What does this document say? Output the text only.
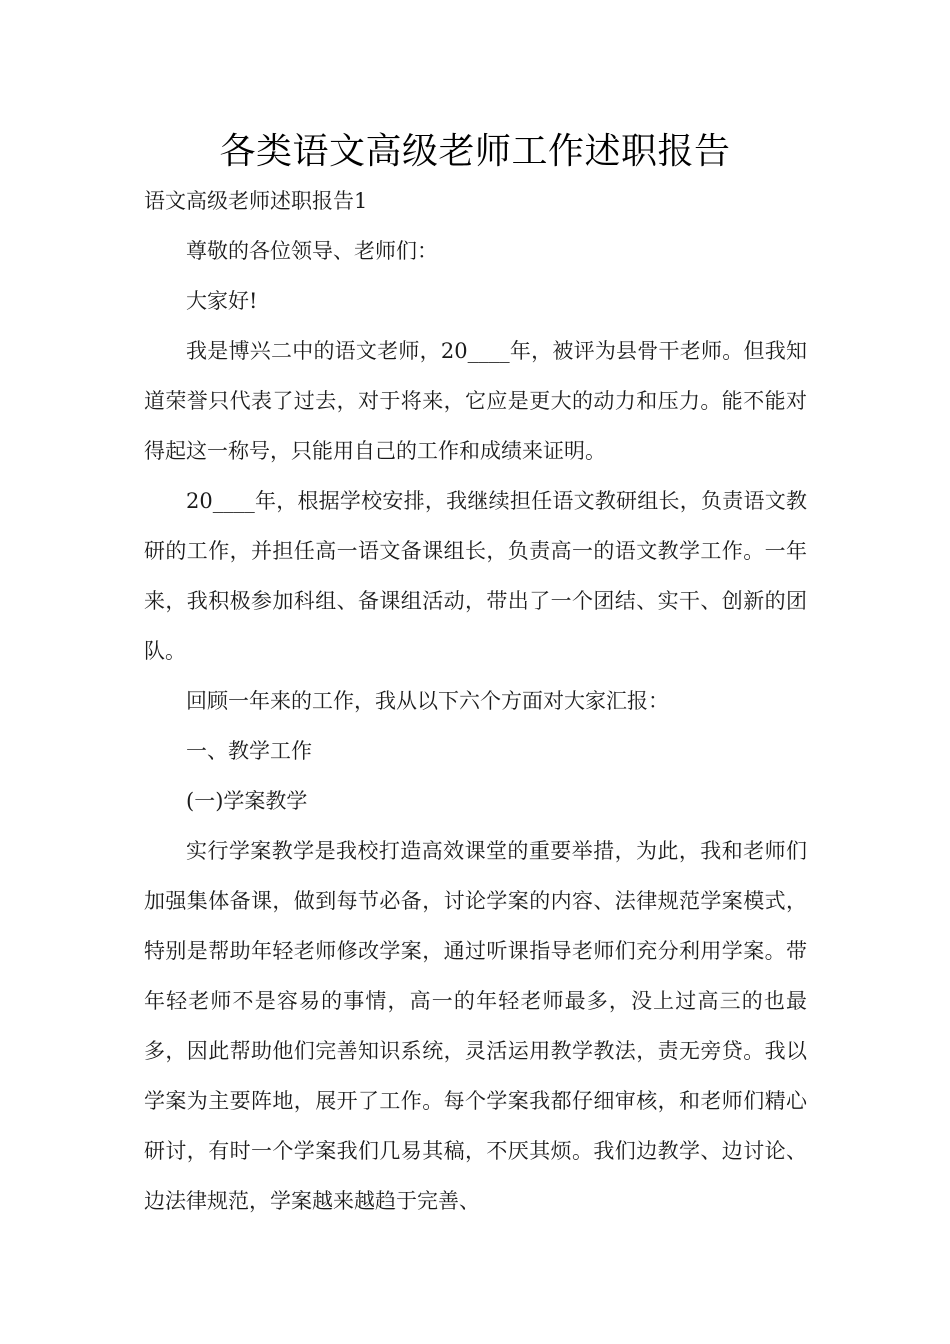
各类语文高级老师工作述职报告

语文高级老师述职报告1

尊敬的各位领导、老师们：

大家好!

我是博兴二中的语文老师，20____年，被评为县骨干老师。但我知道荣誉只代表了过去，对于将来，它应是更大的动力和压力。能不能对得起这一称号，只能用自己的工作和成绩来证明。

20____年，根据学校安排，我继续担任语文教研组长，负责语文教研的工作，并担任高一语文备课组长，负责高一的语文教学工作。一年来，我积极参加科组、备课组活动，带出了一个团结、实干、创新的团队。

回顾一年来的工作，我从以下六个方面对大家汇报：

一、教学工作

(一)学案教学

实行学案教学是我校打造高效课堂的重要举措，为此，我和老师们加强集体备课，做到每节必备，讨论学案的内容、法律规范学案模式，特别是帮助年轻老师修改学案，通过听课指导老师们充分利用学案。带年轻老师不是容易的事情，高一的年轻老师最多，没上过高三的也最多，因此帮助他们完善知识系统，灵活运用教学教法，责无旁贷。我以学案为主要阵地，展开了工作。每个学案我都仔细审核，和老师们精心研讨，有时一个学案我们几易其稿，不厌其烦。我们边教学、边讨论、边法律规范，学案越来越趋于完善、
